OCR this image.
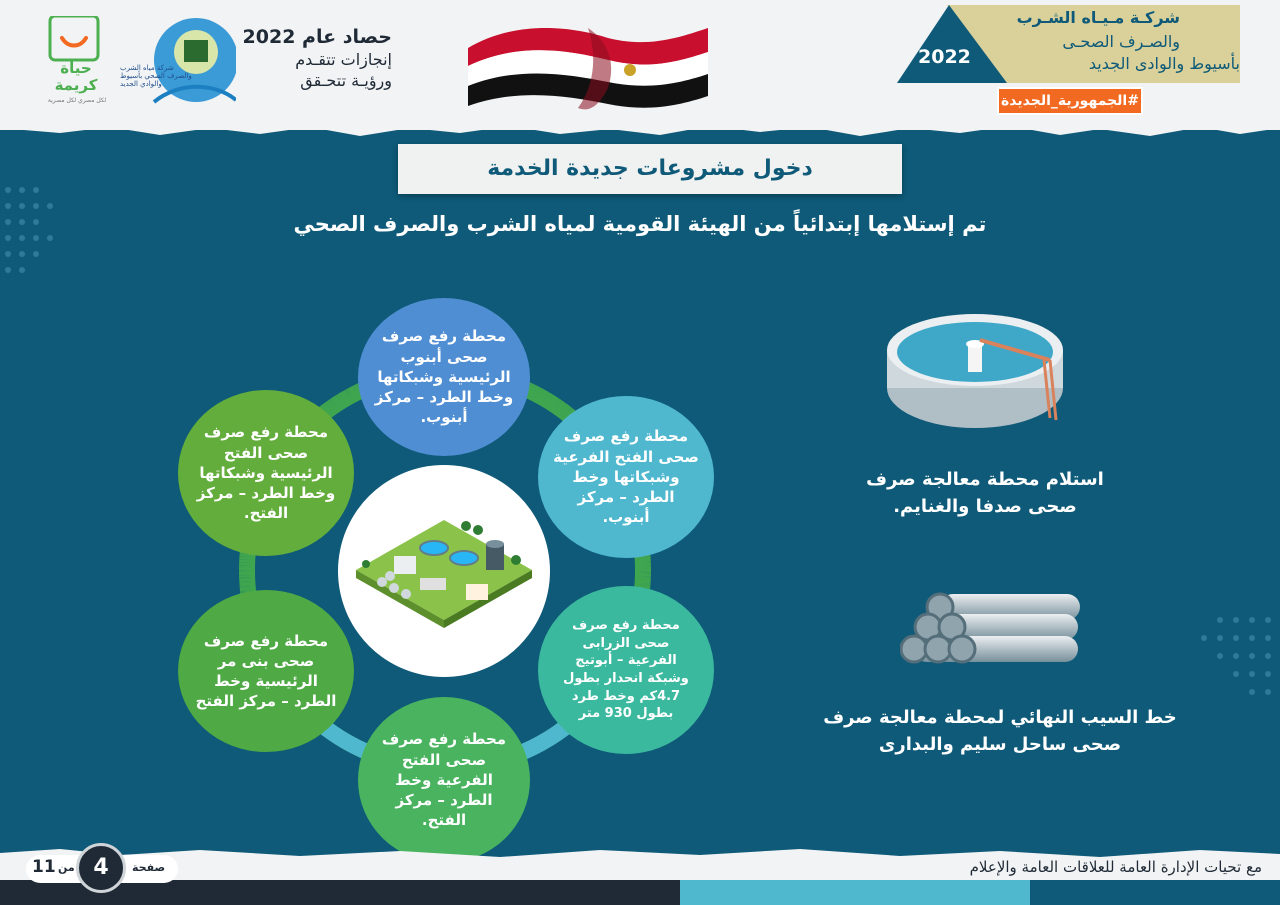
2022
شركـة مـيـاه الشـرب
والصـرف الصحـى
بأسيوط والوادى الجديد
#الجمهورية_الجديدة
حصاد عام 2022
إنجازات تتقـدم
ورؤيـة تتحـقق
شركة مياه الشرب
والصرف الصحي بأسيوط
والوادي الجديد
حياة
كريمة
لكل مصري لكل مصرية
دخول مشروعات جديدة الخدمة
تم إستلامها إبتدائياً من الهيئة القومية لمياه الشرب والصرف الصحي
محطة رفع صرف صحى أبنوب الرئيسية وشبكاتها وخط الطرد – مركز أبنوب.
محطة رفع صرف صحى الفتح الفرعية وشبكاتها وخط الطرد – مركز أبنوب.
محطة رفع صرف صحى الزرابى الفرعية – أبوتيج وشبكة انحدار بطول 4.7كم وخط طرد بطول 930 متر
محطة رفع صرف صحى الفتح الفرعية وخط الطرد – مركز الفتح.
محطة رفع صرف صحى بنى مر الرئيسية وخط الطرد – مركز الفتح
محطة رفع صرف صحى الفتح الرئيسية وشبكاتها وخط الطرد – مركز الفتح.
استلام محطة معالجة صرف صحى صدفا والغنايم.
خط السيب النهائي لمحطة معالجة صرف صحى ساحل سليم والبدارى
مع تحيات الإدارة العامة للعلاقات العامة والإعلام
صفحة
4
من
11
